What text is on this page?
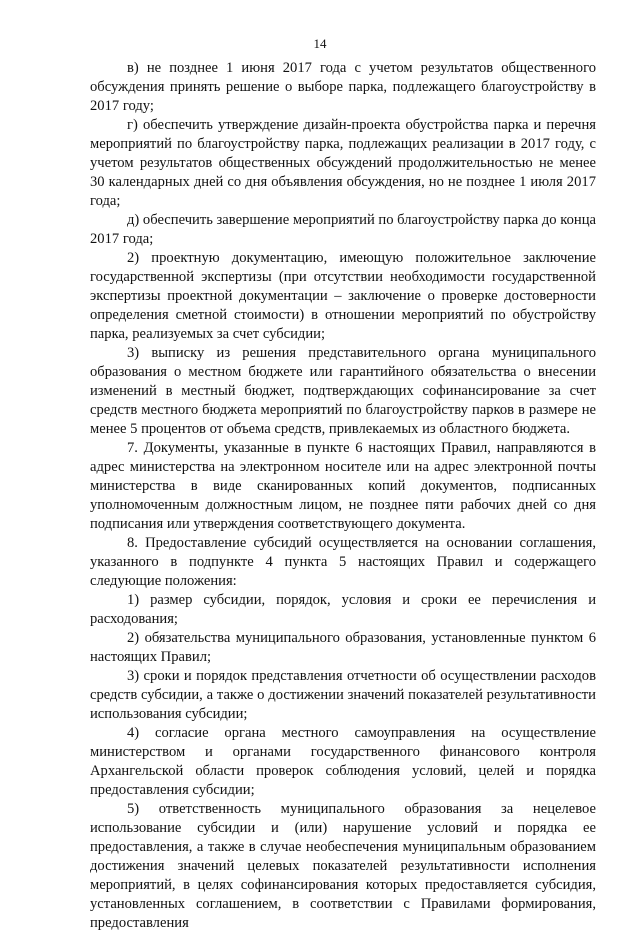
14

в) не позднее 1 июня 2017 года с учетом результатов общественного обсуждения принять решение о выборе парка, подлежащего благоустройству в 2017 году;

г) обеспечить утверждение дизайн-проекта обустройства парка и перечня мероприятий по благоустройству парка, подлежащих реализации в 2017 году, с учетом результатов общественных обсуждений продолжительностью не менее 30 календарных дней со дня объявления обсуждения, но не позднее 1 июля 2017 года;

д) обеспечить завершение мероприятий по благоустройству парка до конца 2017 года;

2) проектную документацию, имеющую положительное заключение государственной экспертизы (при отсутствии необходимости государственной экспертизы проектной документации – заключение о проверке достоверности определения сметной стоимости) в отношении мероприятий по обустройству парка, реализуемых за счет субсидии;

3) выписку из решения представительного органа муниципального образования о местном бюджете или гарантийного обязательства о внесении изменений в местный бюджет, подтверждающих софинансирование за счет средств местного бюджета мероприятий по благоустройству парков в размере не менее 5 процентов от объема средств, привлекаемых из областного бюджета.

7. Документы, указанные в пункте 6 настоящих Правил, направляются в адрес министерства на электронном носителе или на адрес электронной почты министерства в виде сканированных копий документов, подписанных уполномоченным должностным лицом, не позднее пяти рабочих дней со дня подписания или утверждения соответствующего документа.

8. Предоставление субсидий осуществляется на основании соглашения, указанного в подпункте 4 пункта 5 настоящих Правил и содержащего следующие положения:

1) размер субсидии, порядок, условия и сроки ее перечисления и расходования;

2) обязательства муниципального образования, установленные пунктом 6 настоящих Правил;

3) сроки и порядок представления отчетности об осуществлении расходов средств субсидии, а также о достижении значений показателей результативности использования субсидии;

4) согласие органа местного самоуправления на осуществление министерством и органами государственного финансового контроля Архангельской области проверок соблюдения условий, целей и порядка предоставления субсидии;

5) ответственность муниципального образования за нецелевое использование субсидии и (или) нарушение условий и порядка ее предоставления, а также в случае необеспечения муниципальным образованием достижения значений целевых показателей результативности исполнения мероприятий, в целях софинансирования которых предоставляется субсидия, установленных соглашением, в соответствии с Правилами формирования, предоставления
